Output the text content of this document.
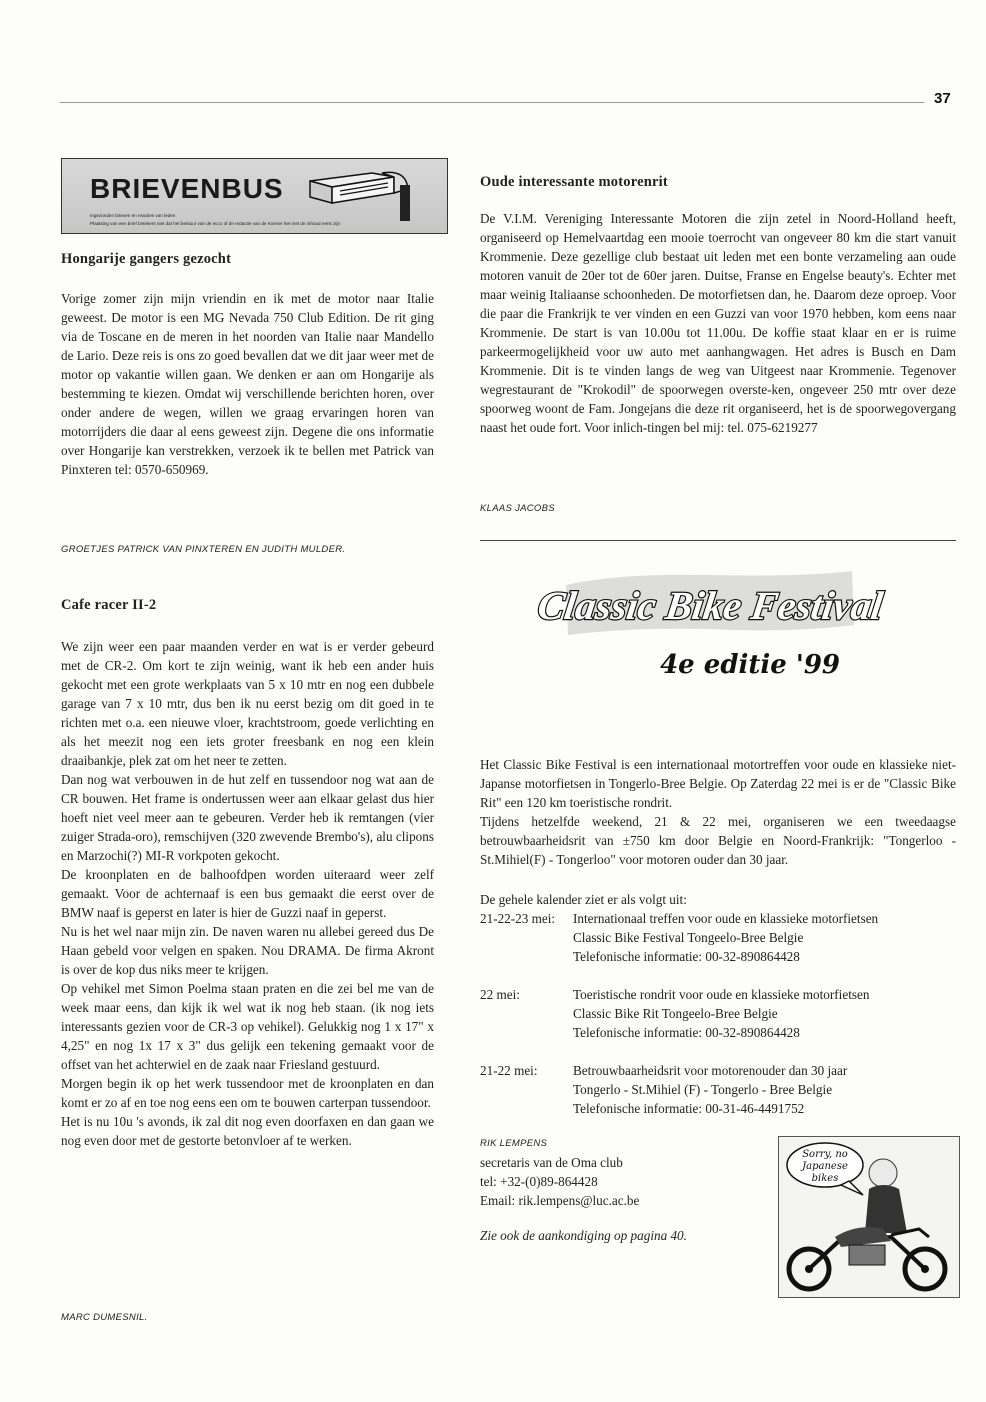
37
BRIEVENBUS
Ingezonden brieven en reacties van leden
Plaatsing van een brief betekent niet dat het bestuur van de ecco of de redactie van de Koerier het met de inhoud eens zijn

Hongarije gangers gezocht

Vorige zomer zijn mijn vriendin en ik met de motor naar Italie geweest. De motor is een MG Nevada 750 Club Edition. De rit ging via de Toscane en de meren in het noorden van Italie naar Mandello de Lario. Deze reis is ons zo goed bevallen dat we dit jaar weer met de motor op vakantie willen gaan. We denken er aan om Hongarije als bestemming te kiezen. Omdat wij verschillende berichten horen, over onder andere de wegen, willen we graag ervaringen horen van motorrijders die daar al eens geweest zijn. Degene die ons informatie over Hongarije kan verstrekken, verzoek ik te bellen met Patrick van Pinxteren tel: 0570-650969.

GROETJES PATRICK VAN PINXTEREN EN JUDITH MULDER.

Cafe racer II-2

We zijn weer een paar maanden verder en wat is er verder gebeurd met de CR-2. Om kort te zijn weinig, want ik heb een ander huis gekocht met een grote werkplaats van 5 x 10 mtr en nog een dubbele garage van 7 x 10 mtr, dus ben ik nu eerst bezig om dit goed in te richten met o.a. een nieuwe vloer, krachtstroom, goede verlichting en als het meezit nog een iets groter freesbank en nog een klein draaibankje, plek zat om het neer te zetten.

Dan nog wat verbouwen in de hut zelf en tussendoor nog wat aan de CR bouwen. Het frame is ondertussen weer aan elkaar gelast dus hier hoeft niet veel meer aan te gebeuren. Verder heb ik remtangen (vier zuiger Strada-oro), remschijven (320 zwevende Brembo's), alu clipons en Marzochi(?) MI-R vorkpoten gekocht.

De kroonplaten en de balhoofdpen worden uiteraard weer zelf gemaakt. Voor de achternaaf is een bus gemaakt die eerst over de BMW naaf is geperst en later is hier de Guzzi naaf in geperst.

Nu is het wel naar mijn zin. De naven waren nu allebei gereed dus De Haan gebeld voor velgen en spaken. Nou DRAMA. De firma Akront is over de kop dus niks meer te krijgen.

Op vehikel met Simon Poelma staan praten en die zei bel me van de week maar eens, dan kijk ik wel wat ik nog heb staan. (ik nog iets interessants gezien voor de CR-3 op vehikel). Gelukkig nog 1 x 17" x 4,25" en nog 1x 17 x 3" dus gelijk een tekening gemaakt voor de offset van het achterwiel en de zaak naar Friesland gestuurd.

Morgen begin ik op het werk tussendoor met de kroonplaten en dan komt er zo af en toe nog eens een om te bouwen carterpan tussendoor.

Het is nu 10u 's avonds, ik zal dit nog even doorfaxen en dan gaan we nog even door met de gestorte betonvloer af te werken.

MARC DUMESNIL.

Oude interessante motorenrit

De V.I.M. Vereniging Interessante Motoren die zijn zetel in Noord-Holland heeft, organiseerd op Hemelvaartdag een mooie toerrocht van ongeveer 80 km die start vanuit Krommenie. Deze gezellige club bestaat uit leden met een bonte verzameling aan oude motoren vanuit de 20er tot de 60er jaren. Duitse, Franse en Engelse beauty's. Echter met maar weinig Italiaanse schoonheden. De motorfietsen dan, he. Daarom deze oproep. Voor die paar die Frankrijk te ver vinden en een Guzzi van voor 1970 hebben, kom eens naar Krommenie. De start is van 10.00u tot 11.00u. De koffie staat klaar en er is ruime parkeermogelijkheid voor uw auto met aanhangwagen. Het adres is Busch en Dam Krommenie. Dit is te vinden langs de weg van Uitgeest naar Krommenie. Tegenover wegrestaurant de "Krokodil" de spoorwegen overste-ken, ongeveer 250 mtr over deze spoorweg woont de Fam. Jongejans die deze rit organiseerd, het is de spoorwegovergang naast het oude fort. Voor inlich-tingen bel mij: tel. 075-6219277

KLAAS JACOBS

Classic Bike Festival
4e editie '99

Het Classic Bike Festival is een internationaal motortreffen voor oude en klassieke niet-Japanse motorfietsen in Tongerlo-Bree Belgie. Op Zaterdag 22 mei is er de "Classic Bike Rit" een 120 km toeristische rondrit.

Tijdens hetzelfde weekend, 21 & 22 mei, organiseren we een tweedaagse betrouwbaarheidsrit van ±750 km door Belgie en Noord-Frankrijk: "Tongerloo - St.Mihiel(F) - Tongerloo" voor motoren ouder dan 30 jaar.

De gehele kalender ziet er als volgt uit:
21-22-23 mei: Internationaal treffen voor oude en klassieke motorfietsen
Classic Bike Festival Tongeelo-Bree Belgie
Telefonische informatie: 00-32-890864428
22 mei:	Toeristische rondrit voor oude en klassieke motorfietsen
Classic Bike Rit Tongeelo-Bree Belgie
Telefonische informatie: 00-32-890864428
21-22 mei:	Betrouwbaarheidsrit voor motorenouder dan 30 jaar
Tongerlo - St.Mihiel (F) - Tongerlo - Bree Belgie
Telefonische informatie: 00-31-46-4491752

RIK LEMPENS

secretaris van de Oma club

tel: +32-(0)89-864428

Email: rik.lempens@luc.ac.be

Zie ook de aankondiging op pagina 40.

Sorry, no
Japanese
bikes
